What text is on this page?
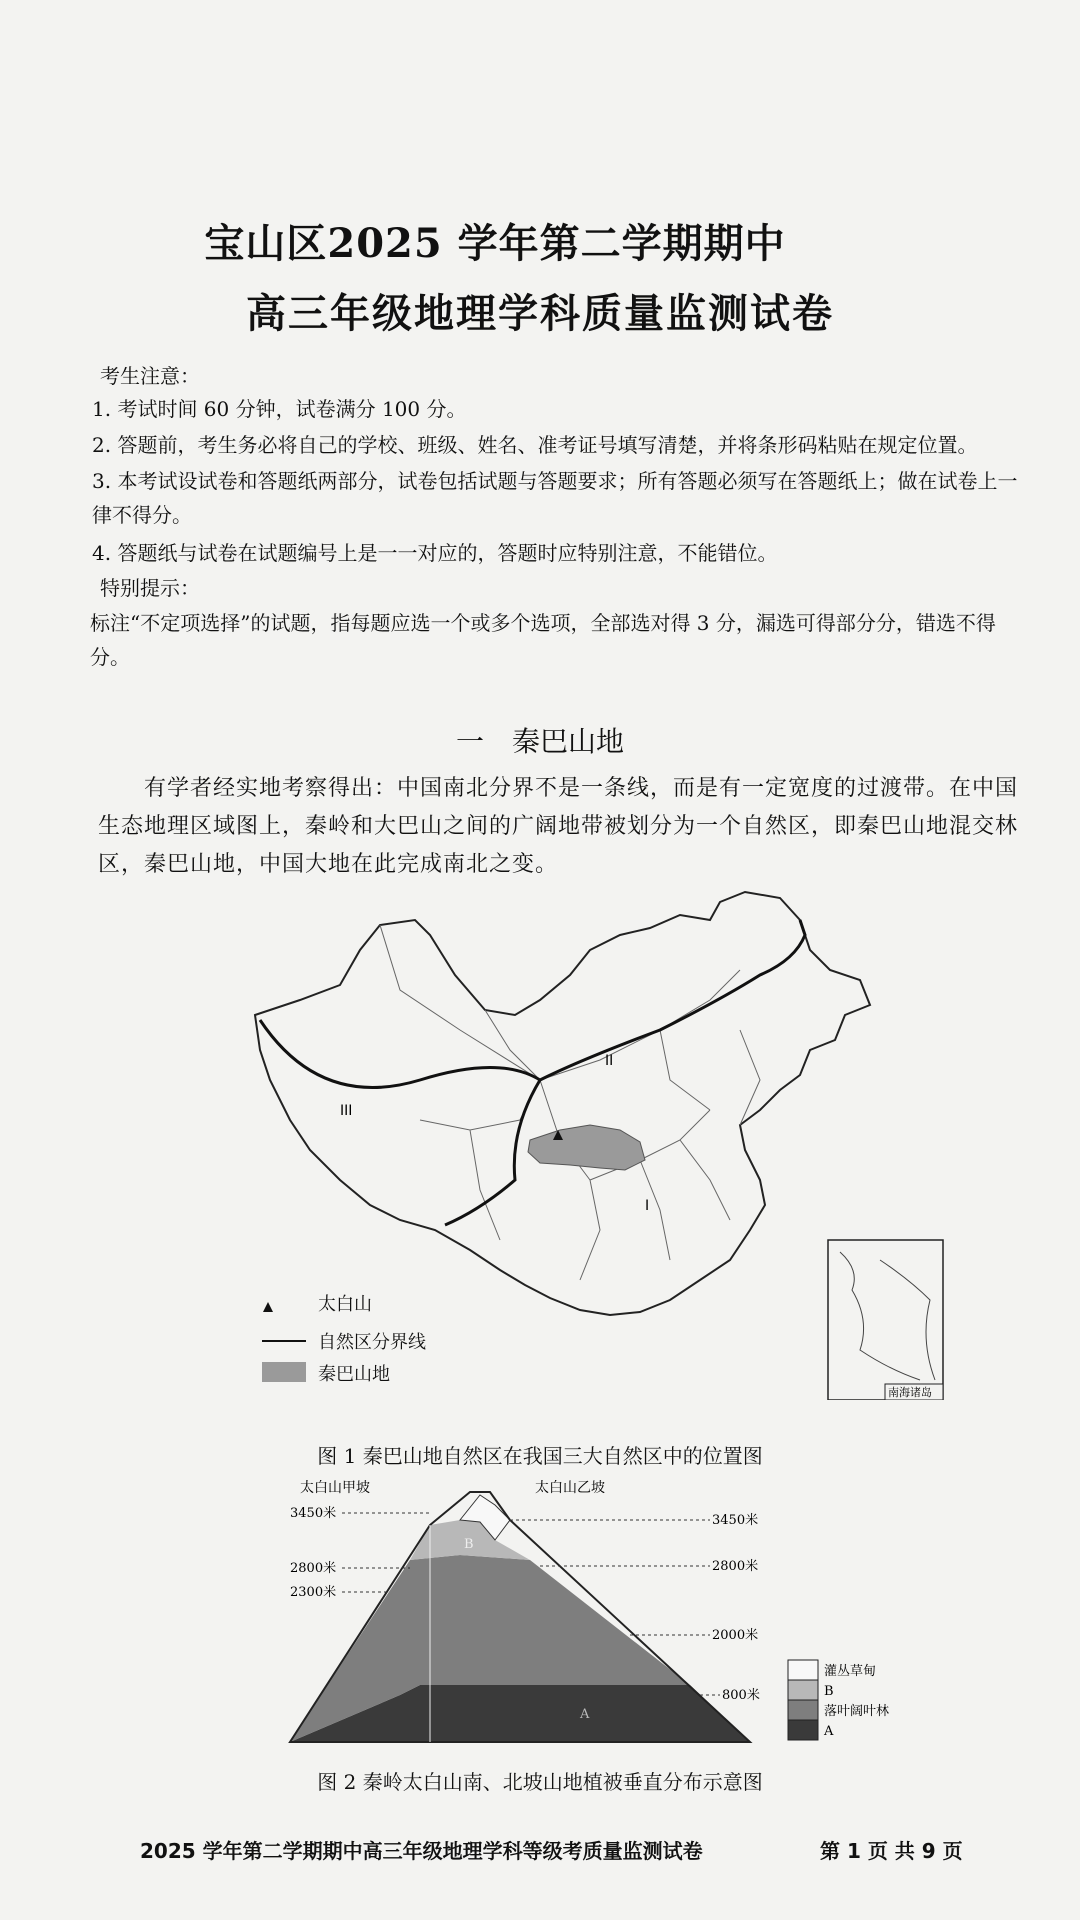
宝山区2025 学年第二学期期中
高三年级地理学科质量监测试卷
考生注意：
1. 考试时间 60 分钟，试卷满分 100 分。
2. 答题前，考生务必将自己的学校、班级、姓名、准考证号填写清楚，并将条形码粘贴在规定位置。
3. 本考试设试卷和答题纸两部分，试卷包括试题与答题要求；所有答题必须写在答题纸上；做在试卷上一律不得分。
4. 答题纸与试卷在试题编号上是一一对应的，答题时应特别注意，不能错位。
特别提示：
标注“不定项选择”的试题，指每题应选一个或多个选项，全部选对得 3 分，漏选可得部分分，错选不得分。
一　秦巴山地
有学者经实地考察得出：中国南北分界不是一条线，而是有一定宽度的过渡带。在中国生态地理区域图上，秦岭和大巴山之间的广阔地带被划分为一个自然区，即秦巴山地混交林区，秦巴山地，中国大地在此完成南北之变。
II
III
I
南海诸岛
太白山
自然区分界线
秦巴山地
图 1 秦巴山地自然区在我国三大自然区中的位置图
太白山甲坡	太白山乙坡
3450米
2800米
2300米
3450米
2800米
2000米
800米
B
A
灌丛草甸
B
落叶阔叶林
A
图 2 秦岭太白山南、北坡山地植被垂直分布示意图
2025 学年第二学期期中高三年级地理学科等级考质量监测试卷	第 1 页 共 9 页
